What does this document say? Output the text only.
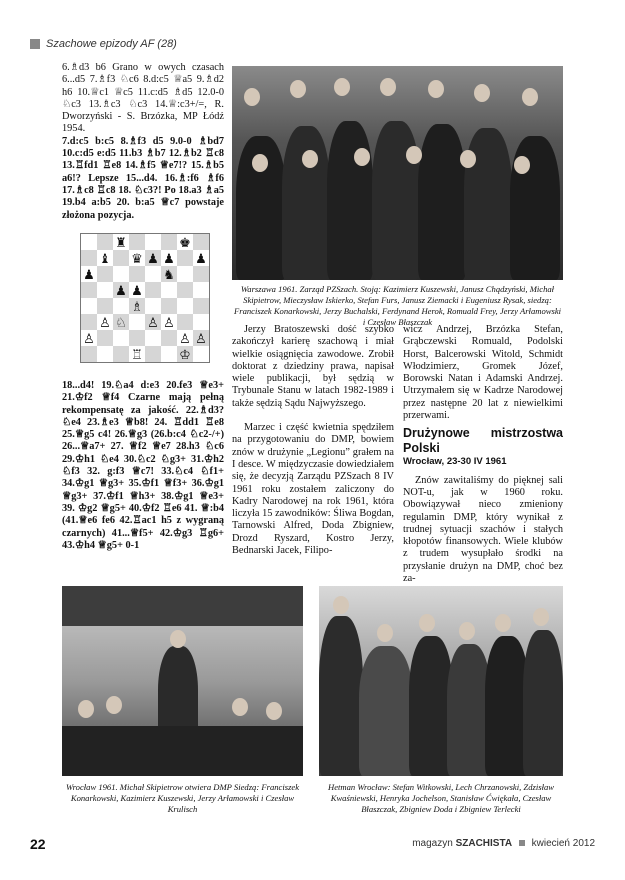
Szachowe epizody AF (28)

6.♗d3 b6 Grano w owych czasach 6...d5 7.♗f3 ♘c6 8.d:c5 ♕a5 9.♗d2 h6 10.♕c1 ♕c5 11.c:d5 ♗d5 12.0-0 ♘c3 13.♗c3 ♘c3 14.♕:c3+/=, R. Dworzyński - S. Brzózka, MP Łódź 1954.

7.d:c5 b:c5 8.♗f3 d5 9.0-0 ♗bd7 10.c:d5 e:d5 11.b3 ♗b7 12.♗b2 ♖c8 13.♖fd1 ♖e8 14.♗f5 ♕e7!? 15.♗b5 a6!? Lepsze 15...d4. 16.♗:f6 ♗f6 17.♗c8 ♖c8 18. ♘c3?! Po 18.a3 ♗a5 19.b4 a:b5 20. b:a5 ♕c7 powstaje złożona pozycja.

♜	♚
♝ ♛ ♟ ♟ ♟
♟	♞
♟ ♟
♗
♙ ♘ ♙ ♙
♙	♙ ♙
♖	♔

18...d4! 19.♘a4 d:e3 20.fe3 ♕e3+ 21.♔f2 ♕f4 Czarne mają pełną rekompensatę za jakość. 22.♗d3? ♘e4 23.♗e3 ♕b8! 24. ♖dd1 ♖e8 25.♕g5 c4! 26.♕g3 (26.b:c4 ♘c2-/+) 26...♕a7+ 27. ♕f2 ♕e7 28.h3 ♘c6 29.♔h1 ♘e4 30.♘c2 ♘g3+ 31.♔h2 ♘f3 32. g:f3 ♕c7! 33.♘c4 ♘f1+ 34.♔g1 ♕g3+ 35.♔f1 ♕f3+ 36.♔g1 ♕g3+ 37.♔f1 ♕h3+ 38.♔g1 ♕e3+ 39. ♔g2 ♕g5+ 40.♔f2 ♖e6 41. ♕:b4 (41.♕e6 fe6 42.♖ac1 h5 z wygraną czarnych) 41...♕f5+ 42.♔g3 ♖g6+ 43.♔h4 ♕g5+ 0-1

Warszawa 1961. Zarząd PZSzach. Stoją: Kazimierz Kuszewski, Janusz Chądzyński, Michał Skipietrow, Mieczysław Iskierko, Stefan Furs, Janusz Ziemacki i Eugeniusz Rysak, siedzą: Franciszek Konarkowski, Jerzy Buchalski, Ferdynand Herok, Romuald Frey, Jerzy Arłamowski i Czesław Błaszczak

Jerzy Bratoszewski dość szybko zakończył karierę szachową i miał wielkie osiągnięcia zawodowe. Zrobił doktorat z dziedziny prawa, napisał wiele publikacji, był sędzią w Trybunale Stanu w latach 1982-1989 i także sędzią Sądu Najwyższego.

Marzec i część kwietnia spędziłem na przygotowaniu do DMP, bowiem znów w drużynie „Legionu” grałem na I desce. W międzyczasie dowiedziałem się, że decyzją Zarządu PZSzach 8 IV 1961 roku zostałem zaliczony do Kadry Narodowej na rok 1961, która liczyła 15 zawodników: Śliwa Bogdan, Tarnowski Alfred, Doda Zbigniew, Drozd Ryszard, Kostro Jerzy, Bednarski Jacek, Filipo-

wicz Andrzej, Brzózka Stefan, Grąbczewski Romuald, Podolski Horst, Balcerowski Witold, Schmidt Włodzimierz, Gromek Józef, Borowski Natan i Adamski Andrzej. Utrzymałem się w Kadrze Narodowej przez następne 20 lat z niewielkimi przerwami.

Drużynowe mistrzostwa Polski
Wrocław, 23-30 IV 1961

Znów zawitaliśmy do pięknej sali NOT-u, jak w 1960 roku. Obowiązywał nieco zmieniony regulamin DMP, który wynikał z trudnej sytuacji szachów i stałych kłopotów finansowych. Wiele klubów z trudem wysupłało środki na przysłanie drużyn na DMP, choć bez za-

Wrocław 1961. Michał Skipietrow otwiera DMP Siedzą: Franciszek Konarkowski, Kazimierz Kuszewski, Jerzy Arłamowski i Czesław Krulisch
Hetman Wrocław: Stefan Witkowski, Lech Chrzanowski, Zdzisław Kwaśniewski, Henryka Jochelson, Stanisław Ćwiękała, Czesław Błaszczak, Zbigniew Doda i Zbigniew Terlecki
22	magazyn SZACHISTA kwiecień 2012
